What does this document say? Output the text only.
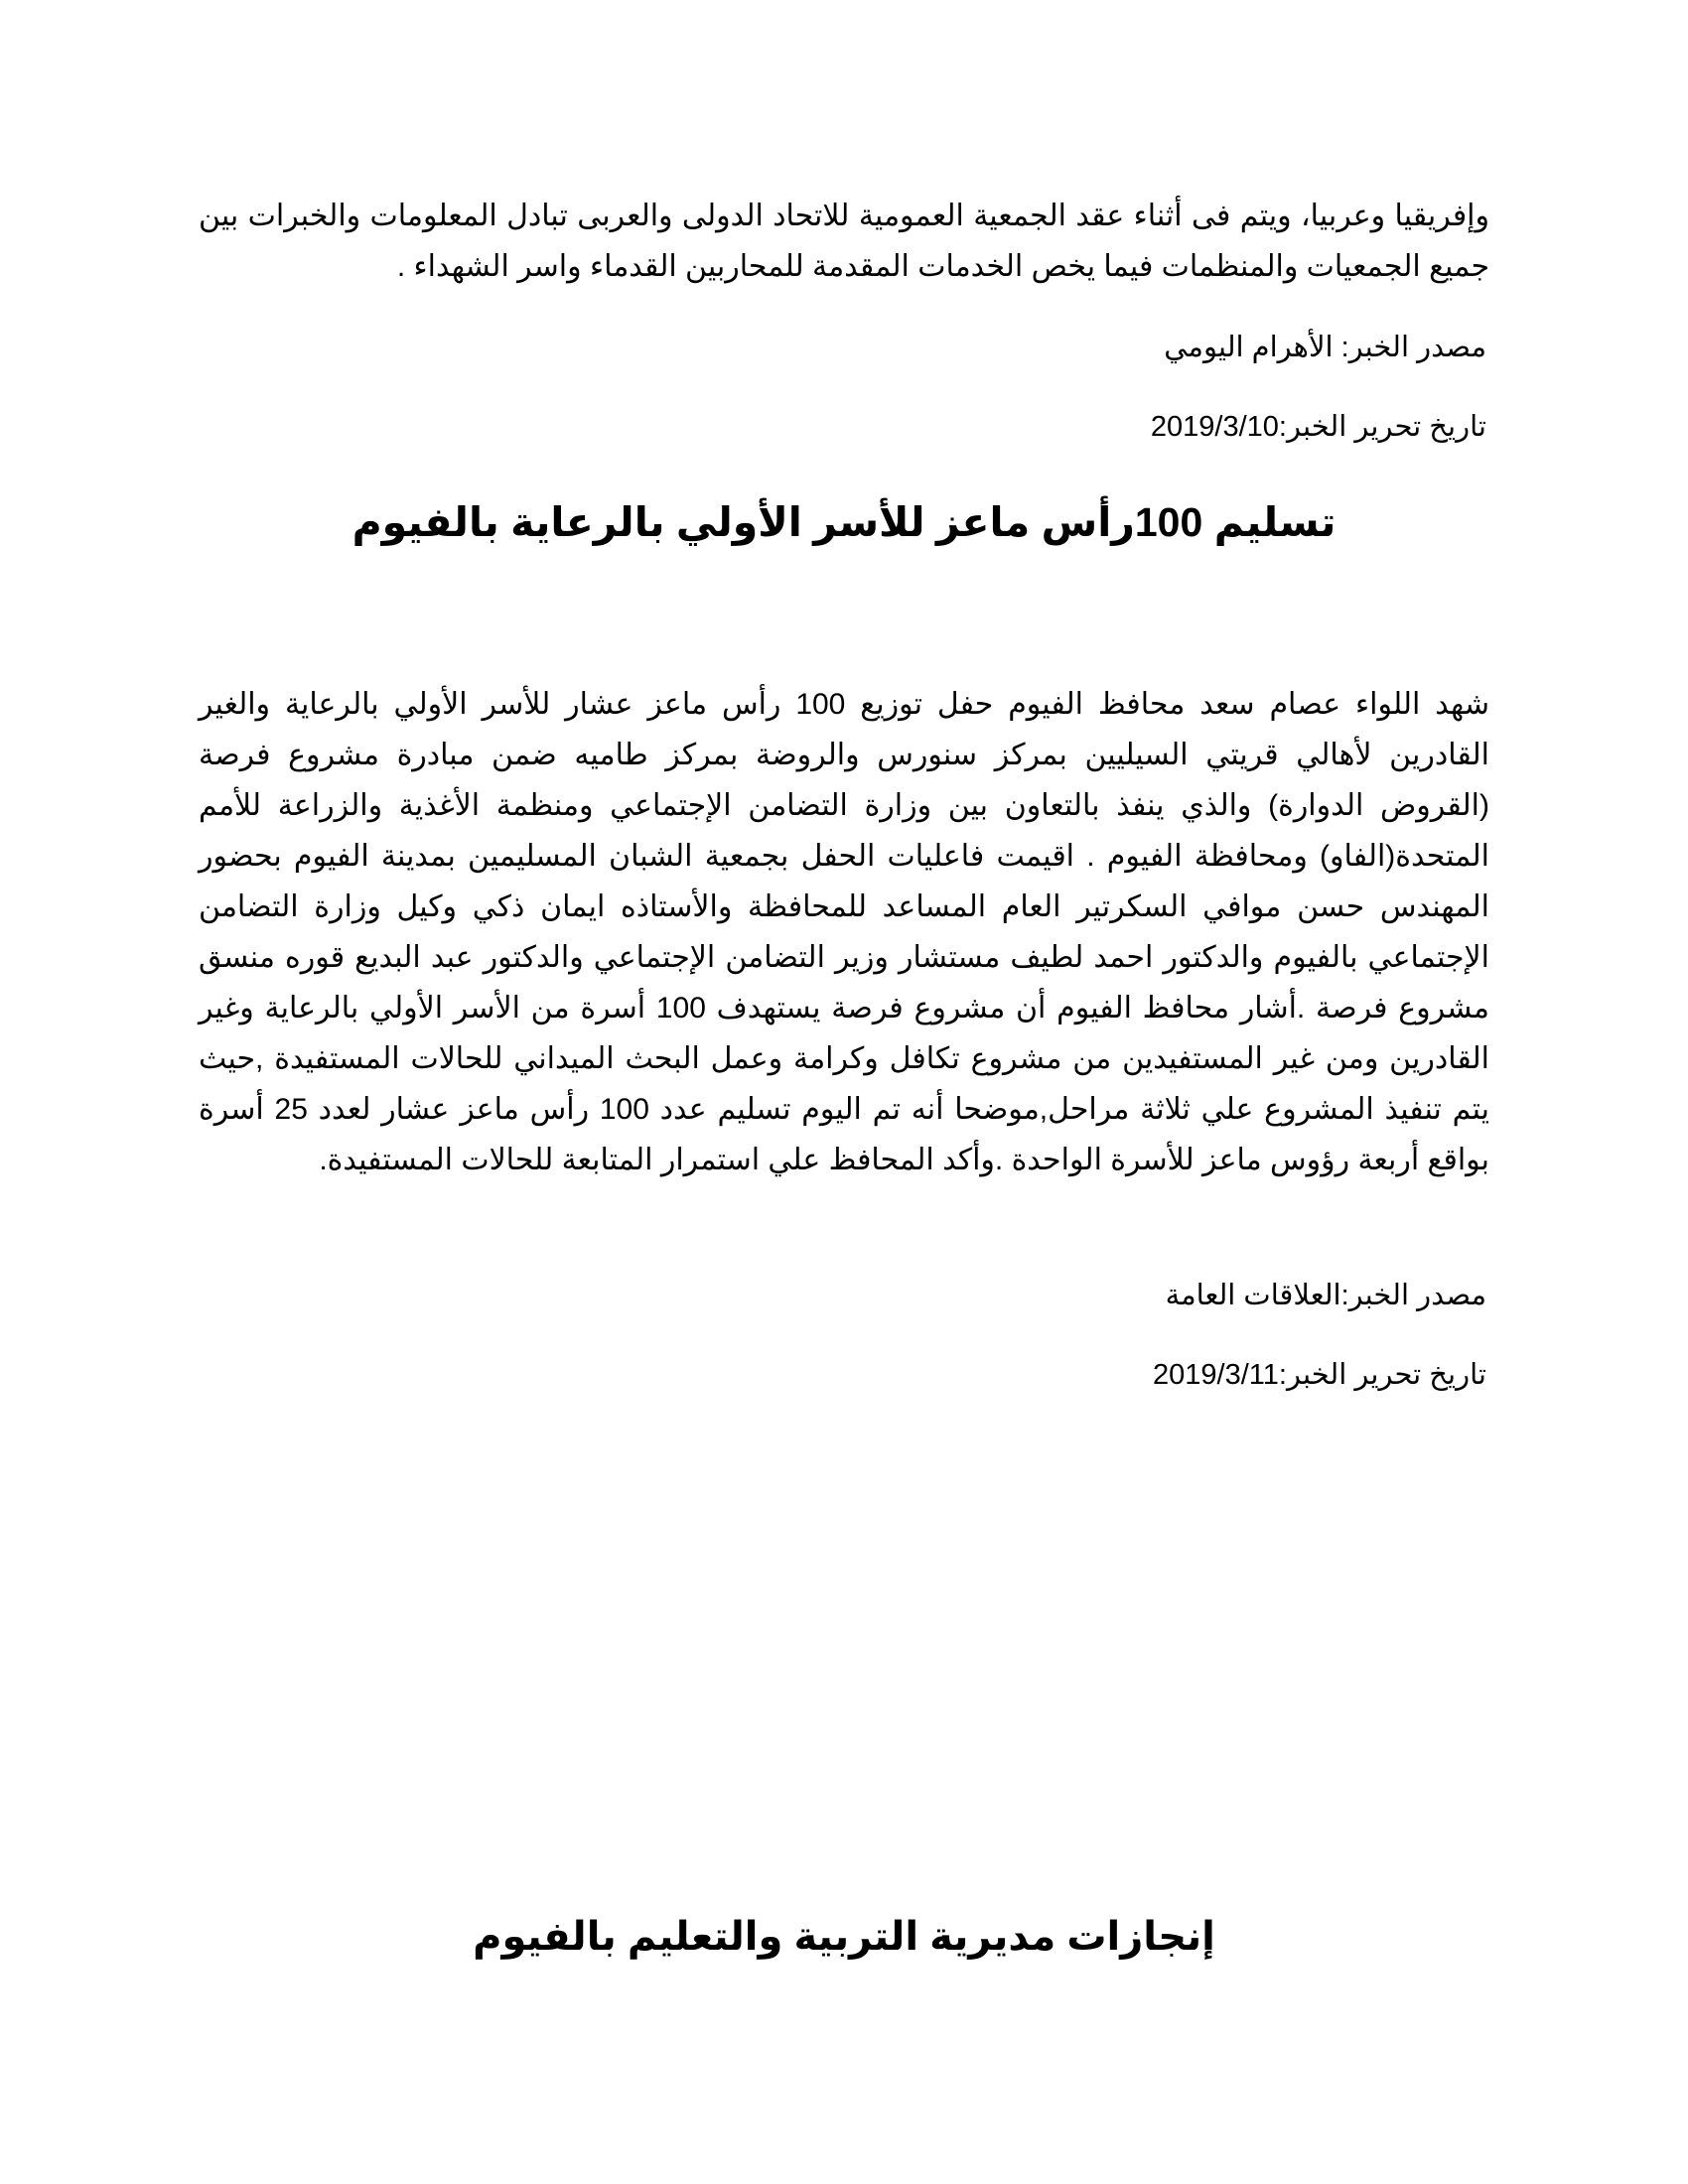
وإفريقيا وعربيا، ويتم فى أثناء عقد الجمعية العمومية للاتحاد الدولى والعربى تبادل المعلومات والخبرات بين جميع الجمعيات والمنظمات فيما يخص الخدمات المقدمة للمحاربين القدماء واسر الشهداء .

مصدر الخبر: الأهرام اليومي

تاريخ تحرير الخبر:2019/3/10

تسليم 100رأس ماعز للأسر الأولي بالرعاية بالفيوم

شهد اللواء عصام سعد محافظ الفيوم حفل توزيع 100 رأس ماعز عشار للأسر الأولي بالرعاية والغير القادرين لأهالي قريتي السيليين بمركز سنورس والروضة بمركز طاميه ضمن مبادرة مشروع فرصة (القروض الدوارة) والذي ينفذ بالتعاون بين وزارة التضامن الإجتماعي ومنظمة الأغذية والزراعة للأمم المتحدة(الفاو) ومحافظة الفيوم . اقيمت فاعليات الحفل بجمعية الشبان المسليمين بمدينة الفيوم بحضور المهندس حسن موافي السكرتير العام المساعد للمحافظة والأستاذه ايمان ذكي وكيل وزارة التضامن الإجتماعي بالفيوم والدكتور احمد لطيف مستشار وزير التضامن الإجتماعي والدكتور عبد البديع قوره منسق مشروع فرصة .أشار محافظ الفيوم أن مشروع فرصة يستهدف 100 أسرة من الأسر الأولي بالرعاية وغير القادرين ومن غير المستفيدين من مشروع تكافل وكرامة وعمل البحث الميداني للحالات المستفيدة ,حيث يتم تنفيذ المشروع علي ثلاثة مراحل,موضحا أنه تم اليوم تسليم عدد 100 رأس ماعز عشار لعدد 25 أسرة بواقع أربعة رؤوس ماعز للأسرة الواحدة .وأكد المحافظ علي استمرار المتابعة للحالات المستفيدة.

مصدر الخبر:العلاقات العامة

تاريخ تحرير الخبر:2019/3/11

إنجازات مديرية التربية والتعليم بالفيوم
